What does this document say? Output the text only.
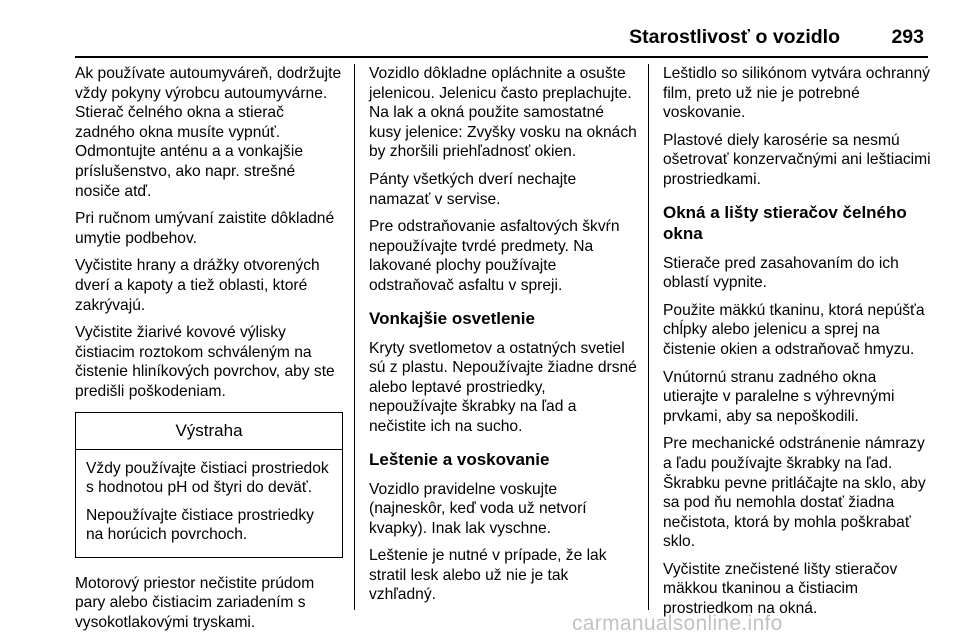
Starostlivosť o vozidlo	293

Ak používate autoumyváreň, dodržujte vždy pokyny výrobcu autoumyvárne. Stierač čelného okna a stierač zadného okna musíte vypnúť. Odmontujte anténu a a vonkajšie príslušenstvo, ako napr. strešné nosiče atď.

Pri ručnom umývaní zaistite dôkladné umytie podbehov.

Vyčistite hrany a drážky otvorených dverí a kapoty a tiež oblasti, ktoré zakrývajú.

Vyčistite žiarivé kovové výlisky čistiacim roztokom schváleným na čistenie hliníkových povrchov, aby ste predišli poškodeniam.

Výstraha

Vždy používajte čistiaci prostriedok s hodnotou pH od štyri do deväť.

Nepoužívajte čistiace prostriedky na horúcich povrchoch.

Motorový priestor nečistite prúdom pary alebo čistiacim zariadením s vysokotlakovými tryskami.

Vozidlo dôkladne opláchnite a osušte jelenicou. Jelenicu často preplachujte. Na lak a okná použite samostatné kusy jelenice: Zvyšky vosku na oknách by zhoršili priehľadnosť okien.

Pánty všetkých dverí nechajte namazať v servise.

Pre odstraňovanie asfaltových škvŕn nepoužívajte tvrdé predmety. Na lakované plochy používajte odstraňovač asfaltu v spreji.

Vonkajšie osvetlenie

Kryty svetlometov a ostatných svetiel sú z plastu. Nepoužívajte žiadne drsné alebo leptavé prostriedky, nepoužívajte škrabky na ľad a nečistite ich na sucho.

Leštenie a voskovanie

Vozidlo pravidelne voskujte (najneskôr, keď voda už netvorí kvapky). Inak lak vyschne.

Leštenie je nutné v prípade, že lak stratil lesk alebo už nie je tak vzhľadný.

Leštidlo so silikónom vytvára ochranný film, preto už nie je potrebné voskovanie.

Plastové diely karosérie sa nesmú ošetrovať konzervačnými ani leštiacimi prostriedkami.

Okná a lišty stieračov čelného okna

Stierače pred zasahovaním do ich oblastí vypnite.

Použite mäkkú tkaninu, ktorá nepúšťa chĺpky alebo jelenicu a sprej na čistenie okien a odstraňovač hmyzu.

Vnútornú stranu zadného okna utierajte v paralelne s výhrevnými prvkami, aby sa nepoškodili.

Pre mechanické odstránenie námrazy a ľadu používajte škrabky na ľad. Škrabku pevne pritláčajte na sklo, aby sa pod ňu nemohla dostať žiadna nečistota, ktorá by mohla poškrabať sklo.

Vyčistite znečistené lišty stieračov mäkkou tkaninou a čistiacim prostriedkom na okná.

carmanualsonline.info
